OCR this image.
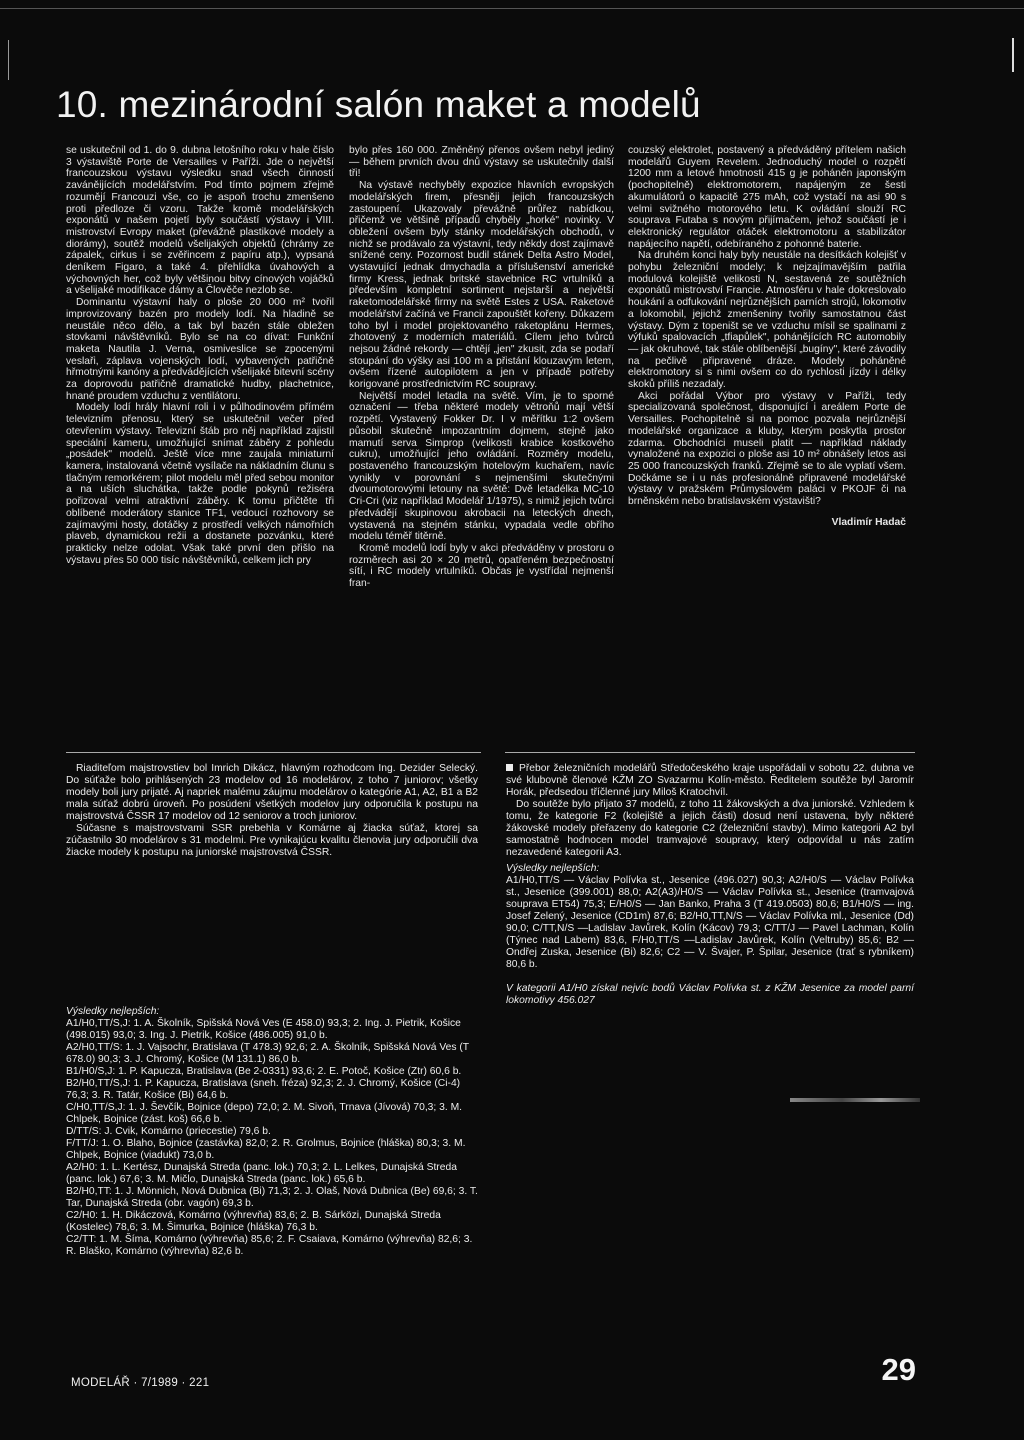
10. mezinárodní salón maket a modelů

se uskutečnil od 1. do 9. dubna letošního roku v hale číslo 3 výstaviště Porte de Versailles v Paříži. Jde o největší francouzskou výstavu výsledku snad všech činností zaváněijících modelářstvím. Pod tímto pojmem zřejmě rozumějí Francouzi vše, co je aspoň trochu zmenšeno proti předloze či vzoru. Takže kromě modelářských exponátů v našem pojetí byly součástí výstavy i VIII. mistrovství Evropy maket (převážně plastikové modely a diorámy), soutěž modelů všelijakých objektů (chrámy ze zápalek, cirkus i se zvěřincem z papíru atp.), vypsaná deníkem Figaro, a také 4. přehlídka úvahových a výchovných her, což byly většinou bitvy cínových vojáčků a všelijaké modifikace dámy a Člověče nezlob se.

Dominantu výstavní haly o ploše 20 000 m² tvořil improvizovaný bazén pro modely lodí. Na hladině se neustále něco dělo, a tak byl bazén stále obležen stovkami návštěvníků. Bylo se na co dívat: Funkční maketa Nautila J. Verna, osmiveslice se zpocenými veslaři, záplava vojenských lodí, vybavených patřičně hřmotnými kanóny a předvádějících všelijaké bitevní scény za doprovodu patřičně dramatické hudby, plachetnice, hnané proudem vzduchu z ventilátoru.

Modely lodí hrály hlavní roli i v půlhodinovém přímém televizním přenosu, který se uskutečnil večer před otevřením výstavy. Televizní štáb pro něj například zajistil speciální kameru, umožňující snímat záběry z pohledu „posádek" modelů. Ještě více mne zaujala miniaturní kamera, instalovaná včetně vysílače na nákladním člunu s tlačným remorkérem; pilot modelu měl před sebou monitor a na uších sluchátka, takže podle pokynů režiséra pořizoval velmi atraktivní záběry. K tomu přičtěte tři oblíbené moderátory stanice TF1, vedoucí rozhovory se zajímavými hosty, dotáčky z prostředí velkých námořních plaveb, dynamickou režii a dostanete pozvánku, které prakticky nelze odolat. Však také první den přišlo na výstavu přes 50 000 tisíc návštěvníků, celkem jich pry

bylo přes 160 000. Změněný přenos ovšem nebyl jediný — během prvních dvou dnů výstavy se uskutečnily další tři!

Na výstavě nechyběly expozice hlavních evropských modelářských firem, přesněji jejich francouzských zastoupení. Ukazovaly převážně průřez nabídkou, přičemž ve většině případů chyběly „horké" novinky. V obležení ovšem byly stánky modelářských obchodů, v nichž se prodávalo za výstavní, tedy někdy dost zajímavě snížené ceny. Pozornost budil stánek Delta Astro Model, vystavující jednak dmychadla a příslušenství americké firmy Kress, jednak britské stavebnice RC vrtulníků a především kompletní sortiment nejstarší a největší raketomodelářské firmy na světě Estes z USA. Raketové modelářství začíná ve Francii zapouštět kořeny. Důkazem toho byl i model projektovaného raketoplánu Hermes, zhotovený z moderních materiálů. Cílem jeho tvůrců nejsou žádné rekordy — chtějí „jen" zkusit, zda se podaří stoupání do výšky asi 100 m a přistání klouzavým letem, ovšem řízené autopilotem a jen v případě potřeby korigované prostřednictvím RC soupravy.

Největší model letadla na světě. Vím, je to sporné označení — třeba některé modely větroňů mají větší rozpětí. Vystavený Fokker Dr. I v měřítku 1:2 ovšem působil skutečně impozantním dojmem, stejně jako mamutí serva Simprop (velikosti krabice kostkového cukru), umožňující jeho ovládání. Rozměry modelu, postaveného francouzským hotelovým kuchařem, navíc vynikly v porovnání s nejmenšími skutečnými dvoumotorovými letouny na světě: Dvě letadélka MC-10 Cri-Cri (viz například Modelář 1/1975), s nimiž jejich tvůrci předvádějí skupinovou akrobacii na leteckých dnech, vystavená na stejném stánku, vypadala vedle obřího modelu téměř titěrně.

Kromě modelů lodí byly v akci předváděny v prostoru o rozměrech asi 20 × 20 metrů, opatřeném bezpečnostní sítí, i RC modely vrtulníků. Občas je vystřídal nejmenší fran-

couzský elektrolet, postavený a předváděný přítelem našich modelářů Guyem Revelem. Jednoduchý model o rozpětí 1200 mm a letové hmotnosti 415 g je poháněn japonským (pochopitelně) elektromotorem, napájeným ze šesti akumulátorů o kapacitě 275 mAh, což vystačí na asi 90 s velmi svižného motorového letu. K ovládání slouží RC souprava Futaba s novým přijímačem, jehož součástí je i elektronický regulátor otáček elektromotoru a stabilizátor napájecího napětí, odebíraného z pohonné baterie.

Na druhém konci haly byly neustále na desítkách kolejišť v pohybu železniční modely; k nejzajímavějším patřila modulová kolejiště velikosti N, sestavená ze soutěžních exponátů mistrovství Francie. Atmosféru v hale dokreslovalo houkání a odfukování nejrůznějších parních strojů, lokomotiv a lokomobil, jejichž zmenšeniny tvořily samostatnou část výstavy. Dým z topeništ se ve vzduchu mísil se spalinami z výfuků spalovacích „tfiapůlek", pohánějících RC automobily — jak okruhové, tak stále oblíbenější „bugíny", které závodily na pečlivě připravené dráze. Modely poháněné elektromotory si s nimi ovšem co do rychlosti jízdy i délky skoků příliš nezadaly.

Akci pořádal Výbor pro výstavy v Paříži, tedy specializovaná společnost, disponující i areálem Porte de Versailles. Pochopitelně si na pomoc pozvala nejrůznější modelářské organizace a kluby, kterým poskytla prostor zdarma. Obchodníci museli platit — například náklady vynaložené na expozici o ploše asi 10 m² obnášely letos asi 25 000 francouzských franků. Zřejmě se to ale vyplatí všem. Dočkáme se i u nás profesionálně připravené modelářské výstavy v pražském Průmyslovém paláci v PKOJF či na brněnském nebo bratislavském výstavišti?

Vladimír Hadač

Riaditeľom majstrovstiev bol Imrich Dikácz, hlavným rozhodcom Ing. Dezider Selecký. Do súťaže bolo prihlásených 23 modelov od 16 modelárov, z toho 7 juniorov; všetky modely boli jury prijaté. Aj napriek malému záujmu modelárov o kategórie A1, A2, B1 a B2 mala súťaž dobrú úroveň. Po posúdení všetkých modelov jury odporučila k postupu na majstrovstvá ČSSR 17 modelov od 12 seniorov a troch juniorov.

Súčasne s majstrovstvami SSR prebehla v Komárne aj žiacka súťaž, ktorej sa zúčastnilo 30 modelárov s 31 modelmi. Pre vynikajúcu kvalitu členovia jury odporučili dva žiacke modely k postupu na juniorské majstrovstvá ČSSR.

Přebor železničních modelářů Středočeského kraje uspořádali v sobotu 22. dubna ve své klubovně členové KŽM ZO Svazarmu Kolín-město. Ředitelem soutěže byl Jaromír Horák, předsedou tříčlenné jury Miloš Kratochvíl.

Do soutěže bylo přijato 37 modelů, z toho 11 žákovských a dva juniorské. Vzhledem k tomu, že kategorie F2 (kolejiště a jejich části) dosud není ustavena, byly některé žákovské modely přeřazeny do kategorie C2 (železniční stavby). Mimo kategorii A2 byl samostatně hodnocen model tramvajové soupravy, který odpovídal u nás zatím nezavedené kategorii A3.

Výsledky nejlepších:

A1/H0,TT/S — Václav Polívka st., Jesenice (496.027) 90,3; A2/H0/S — Václav Polívka st., Jesenice (399.001) 88,0; A2(A3)/H0/S — Václav Polívka st., Jesenice (tramvajová souprava ET54) 75,3; E/H0/S — Jan Banko, Praha 3 (T 419.0503) 80,6; B1/H0/S — ing. Josef Zelený, Jesenice (CD1m) 87,6; B2/H0,TT,N/S — Václav Polívka ml., Jesenice (Dd) 90,0; C/TT,N/S —Ladislav Javůrek, Kolín (Kácov) 79,3; C/TT/J — Pavel Lachman, Kolín (Týnec nad Labem) 83,6, F/H0,TT/S —Ladislav Javůrek, Kolín (Veltruby) 85,6; B2 — Ondřej Zuska, Jesenice (Bi) 82,6; C2 — V. Švajer, P. Špilar, Jesenice (trať s rybníkem) 80,6 b.

V kategorii A1/H0 získal nejvíc bodů Václav Polívka st. z KŽM Jesenice za model parní lokomotivy 456.027

Výsledky nejlepších:

A1/H0,TT/S,J: 1. A. Školník, Spišská Nová Ves (E 458.0) 93,3; 2. Ing. J. Pietrik, Košice (498.015) 93,0; 3. Ing. J. Pietrik, Košice (486.005) 91,0 b.

A2/H0,TT/S: 1. J. Vajsochr, Bratislava (T 478.3) 92,6; 2. A. Školník, Spišská Nová Ves (T 678.0) 90,3; 3. J. Chromý, Košice (M 131.1) 86,0 b.

B1/H0/S,J: 1. P. Kapucza, Bratislava (Be 2-0331) 93,6; 2. E. Potoč, Košice (Ztr) 60,6 b.

B2/H0,TT/S,J: 1. P. Kapucza, Bratislava (sneh. fréza) 92,3; 2. J. Chromý, Košice (Ci-4) 76,3; 3. R. Tatár, Košice (Bi) 64,6 b.

C/H0,TT/S,J: 1. J. Ševčík, Bojnice (depo) 72,0; 2. M. Sivoň, Trnava (Jívová) 70,3; 3. M. Chlpek, Bojnice (zást. koš) 66,6 b.

D/TT/S: J. Cvik, Komárno (priecestie) 79,6 b.

F/TT/J: 1. O. Blaho, Bojnice (zastávka) 82,0; 2. R. Grolmus, Bojnice (hláška) 80,3; 3. M. Chlpek, Bojnice (viadukt) 73,0 b.

A2/H0: 1. L. Kertész, Dunajská Streda (panc. lok.) 70,3; 2. L. Lelkes, Dunajská Streda (panc. lok.) 67,6; 3. M. Mičlo, Dunajská Streda (panc. lok.) 65,6 b.

B2/H0,TT: 1. J. Mönnich, Nová Dubnica (Bi) 71,3; 2. J. Olaš, Nová Dubnica (Be) 69,6; 3. T. Tar, Dunajská Streda (obr. vagón) 69,3 b.

C2/H0: 1. H. Dikáczová, Komárno (výhrevňa) 83,6; 2. B. Sárközi, Dunajská Streda (Kostelec) 78,6; 3. M. Šimurka, Bojnice (hláška) 76,3 b.

C2/TT: 1. M. Šíma, Komárno (výhrevňa) 85,6; 2. F. Csaiava, Komárno (výhrevňa) 82,6; 3. R. Blaško, Komárno (výhrevňa) 82,6 b.

MODELÁŘ · 7/1989 · 221	29
